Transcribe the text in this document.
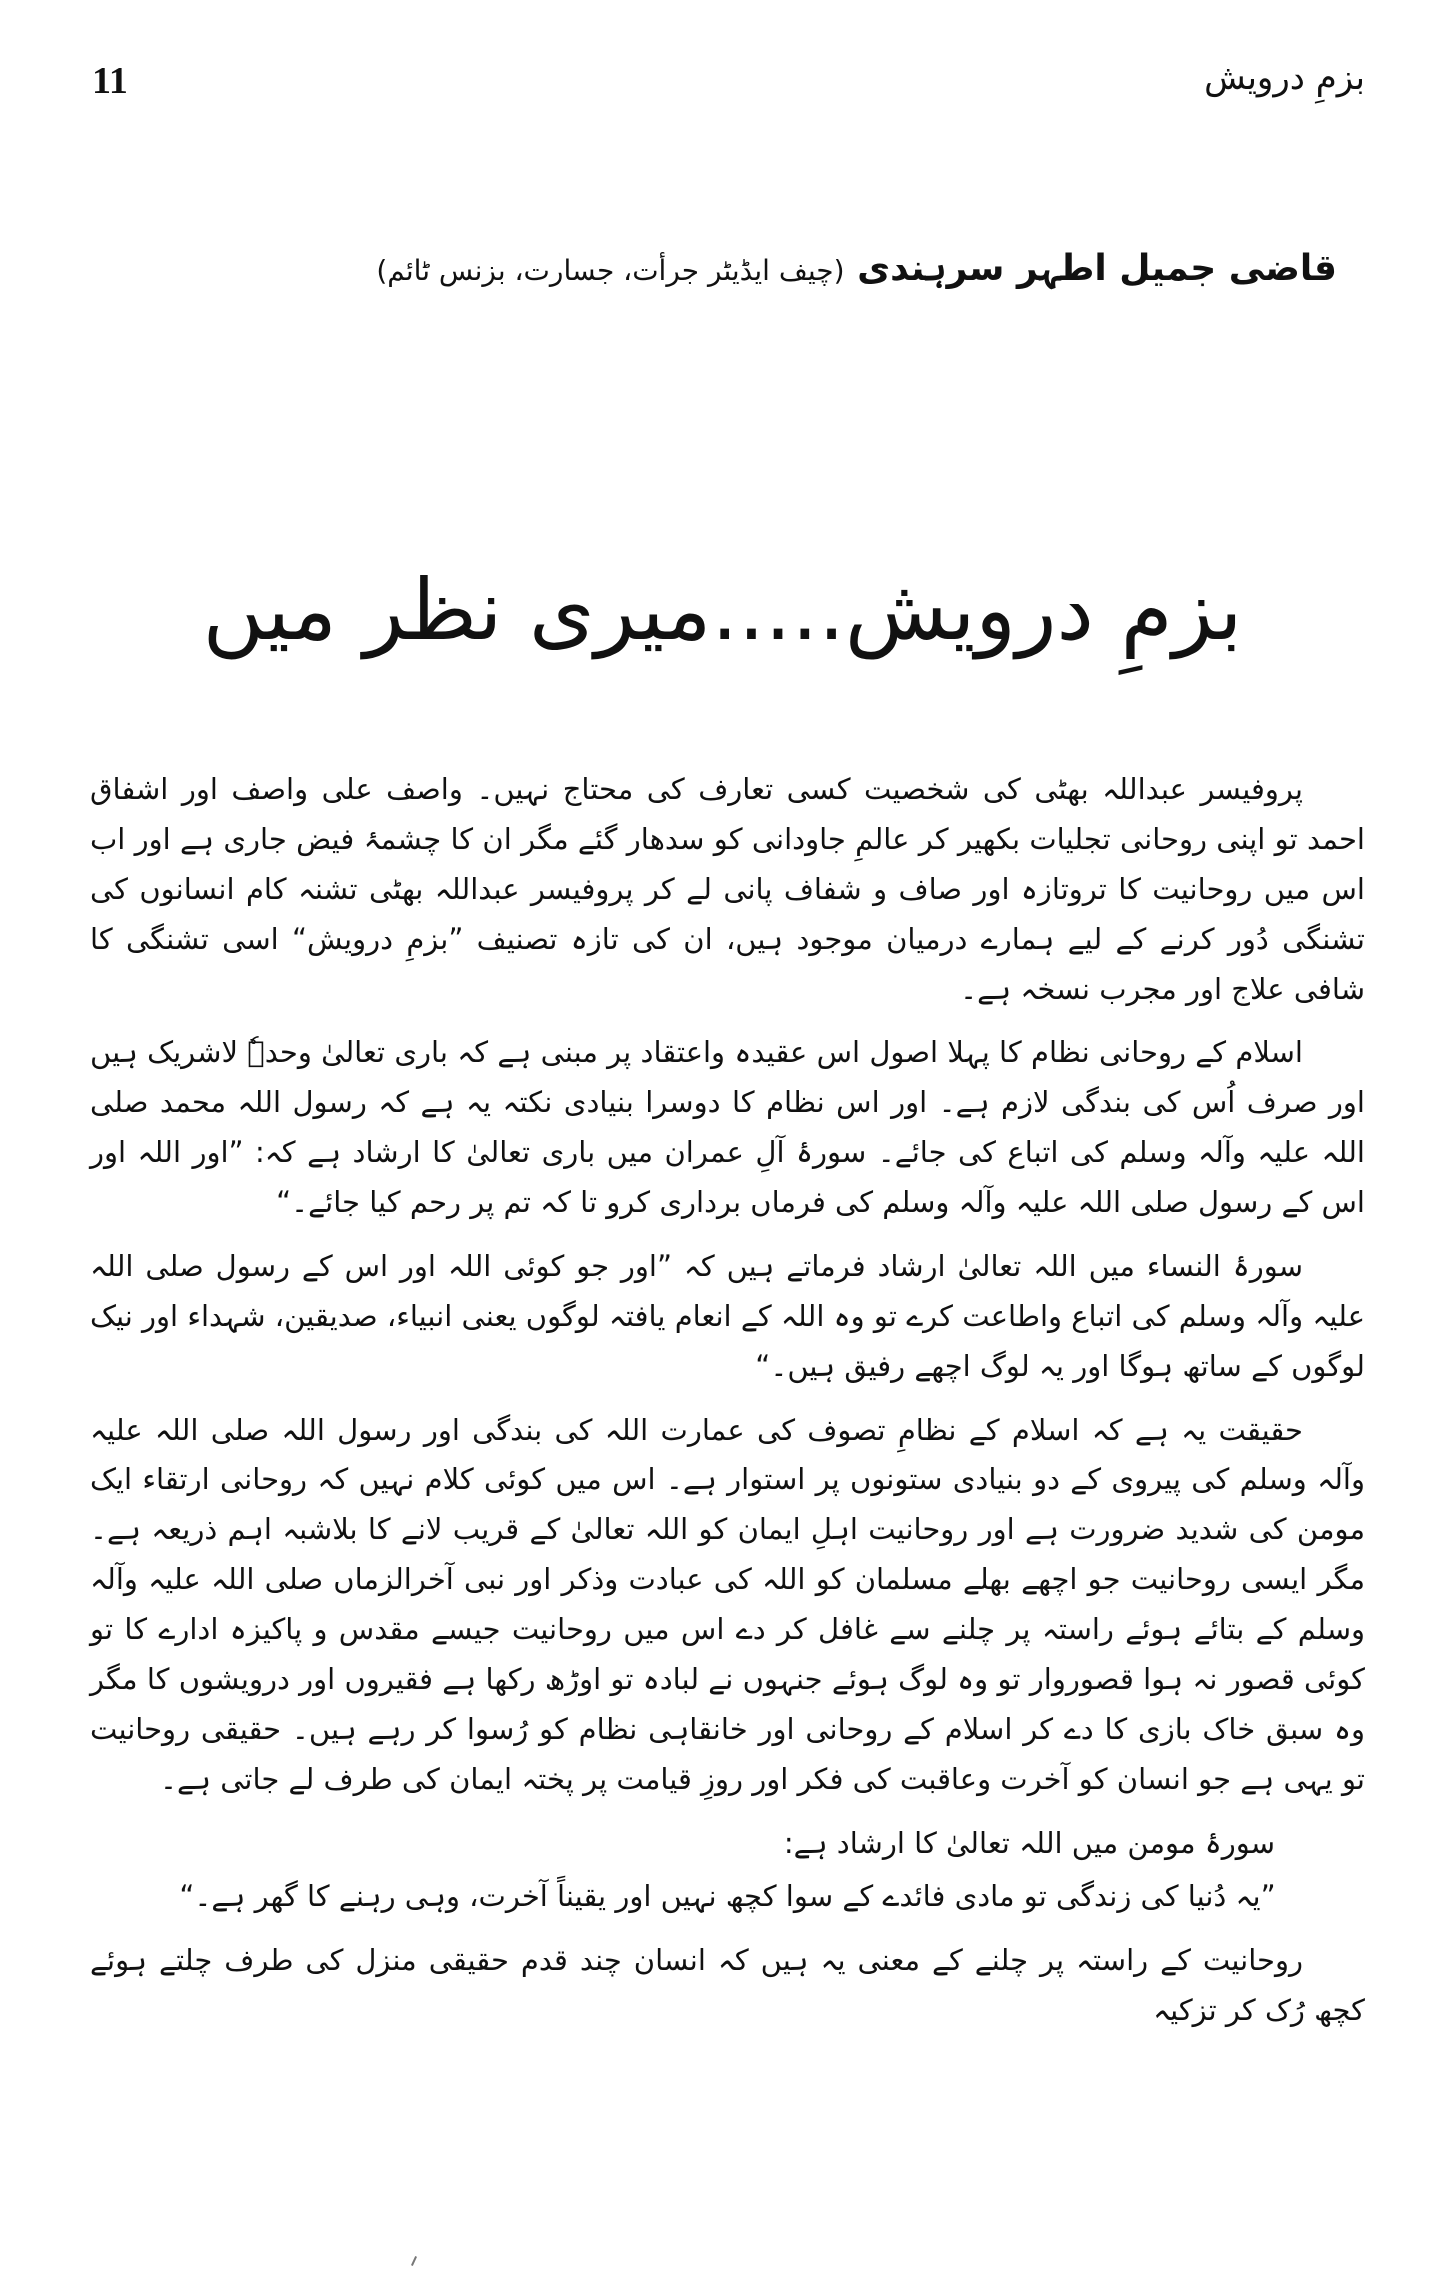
11	بزمِ درویش
قاضی جمیل اطہر سرہندی (چیف ایڈیٹر جرأت، جسارت، بزنس ٹائم)
بزمِ درویش.....میری نظر میں

پروفیسر عبداللہ بھٹی کی شخصیت کسی تعارف کی محتاج نہیں۔ واصف علی واصف اور اشفاق احمد تو اپنی روحانی تجلیات بکھیر کر عالمِ جاودانی کو سدھار گئے مگر ان کا چشمۂ فیض جاری ہے اور اب اس میں روحانیت کا تروتازہ اور صاف و شفاف پانی لے کر پروفیسر عبداللہ بھٹی تشنہ کام انسانوں کی تشنگی دُور کرنے کے لیے ہمارے درمیان موجود ہیں، ان کی تازہ تصنیف ”بزمِ درویش“ اسی تشنگی کا شافی علاج اور مجرب نسخہ ہے۔

اسلام کے روحانی نظام کا پہلا اصول اس عقیدہ واعتقاد پر مبنی ہے کہ باری تعالیٰ وحدہٗ لاشریک ہیں اور صرف اُس کی بندگی لازم ہے۔ اور اس نظام کا دوسرا بنیادی نکتہ یہ ہے کہ رسول اللہ محمد صلی اللہ علیہ وآلہ وسلم کی اتباع کی جائے۔ سورۂ آلِ عمران میں باری تعالیٰ کا ارشاد ہے کہ: ”اور اللہ اور اس کے رسول صلی اللہ علیہ وآلہ وسلم کی فرماں برداری کرو تا کہ تم پر رحم کیا جائے۔“

سورۂ النساء میں اللہ تعالیٰ ارشاد فرماتے ہیں کہ ”اور جو کوئی اللہ اور اس کے رسول صلی اللہ علیہ وآلہ وسلم کی اتباع واطاعت کرے تو وہ اللہ کے انعام یافتہ لوگوں یعنی انبیاء، صدیقین، شہداء اور نیک لوگوں کے ساتھ ہوگا اور یہ لوگ اچھے رفیق ہیں۔“

حقیقت یہ ہے کہ اسلام کے نظامِ تصوف کی عمارت اللہ کی بندگی اور رسول اللہ صلی اللہ علیہ وآلہ وسلم کی پیروی کے دو بنیادی ستونوں پر استوار ہے۔ اس میں کوئی کلام نہیں کہ روحانی ارتقاء ایک مومن کی شدید ضرورت ہے اور روحانیت اہلِ ایمان کو اللہ تعالیٰ کے قریب لانے کا بلاشبہ اہم ذریعہ ہے۔ مگر ایسی روحانیت جو اچھے بھلے مسلمان کو اللہ کی عبادت وذکر اور نبی آخرالزماں صلی اللہ علیہ وآلہ وسلم کے بتائے ہوئے راستہ پر چلنے سے غافل کر دے اس میں روحانیت جیسے مقدس و پاکیزہ ادارے کا تو کوئی قصور نہ ہوا قصوروار تو وہ لوگ ہوئے جنہوں نے لبادہ تو اوڑھ رکھا ہے فقیروں اور درویشوں کا مگر وہ سبق خاک بازی کا دے کر اسلام کے روحانی اور خانقاہی نظام کو رُسوا کر رہے ہیں۔ حقیقی روحانیت تو یہی ہے جو انسان کو آخرت وعاقبت کی فکر اور روزِ قیامت پر پختہ ایمان کی طرف لے جاتی ہے۔

سورۂ مومن میں اللہ تعالیٰ کا ارشاد ہے:

”یہ دُنیا کی زندگی تو مادی فائدے کے سوا کچھ نہیں اور یقیناً آخرت، وہی رہنے کا گھر ہے۔“

روحانیت کے راستہ پر چلنے کے معنی یہ ہیں کہ انسان چند قدم حقیقی منزل کی طرف چلتے ہوئے کچھ رُک کر تزکیہ
